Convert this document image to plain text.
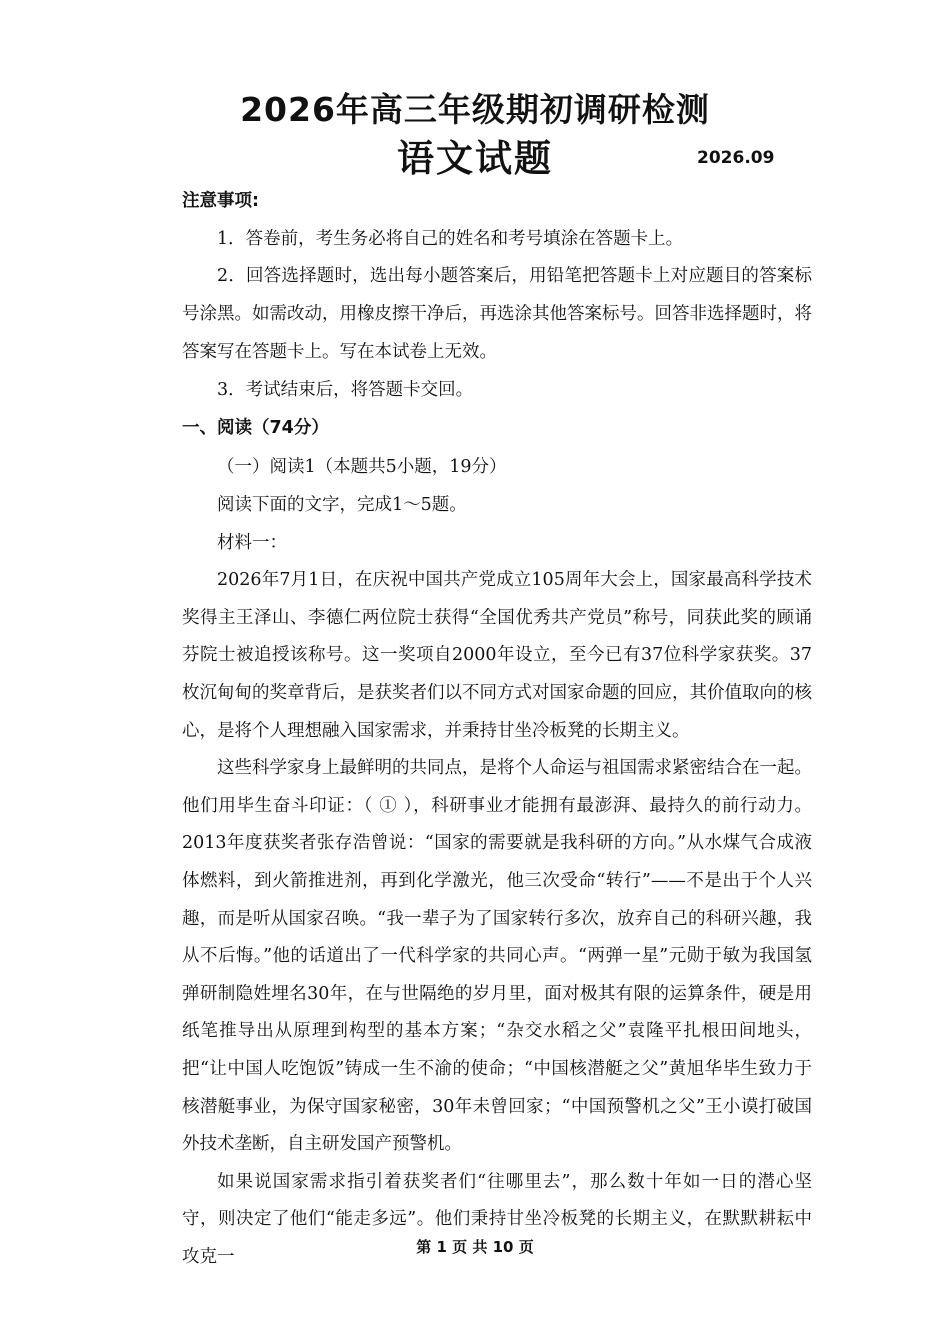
2026年高三年级期初调研检测
语文试题	2026.09

注意事项:

1．答卷前，考生务必将自己的姓名和考号填涂在答题卡上。

2．回答选择题时，选出每小题答案后，用铅笔把答题卡上对应题目的答案标号涂黑。如需改动，用橡皮擦干净后，再选涂其他答案标号。回答非选择题时，将答案写在答题卡上。写在本试卷上无效。

3．考试结束后，将答题卡交回。

一、阅读（74分）

（一）阅读1（本题共5小题，19分）

阅读下面的文字，完成1～5题。

材料一：

2026年7月1日，在庆祝中国共产党成立105周年大会上，国家最高科学技术奖得主王泽山、李德仁两位院士获得“全国优秀共产党员”称号，同获此奖的顾诵芬院士被追授该称号。这一奖项自2000年设立，至今已有37位科学家获奖。37枚沉甸甸的奖章背后，是获奖者们以不同方式对国家命题的回应，其价值取向的核心，是将个人理想融入国家需求，并秉持甘坐冷板凳的长期主义。

这些科学家身上最鲜明的共同点，是将个人命运与祖国需求紧密结合在一起。他们用毕生奋斗印证：（ ① ），科研事业才能拥有最澎湃、最持久的前行动力。2013年度获奖者张存浩曾说：“国家的需要就是我科研的方向。”从水煤气合成液体燃料，到火箭推进剂，再到化学激光，他三次受命“转行”——不是出于个人兴趣，而是听从国家召唤。“我一辈子为了国家转行多次，放弃自己的科研兴趣，我从不后悔。”他的话道出了一代科学家的共同心声。“两弹一星”元勋于敏为我国氢弹研制隐姓埋名30年，在与世隔绝的岁月里，面对极其有限的运算条件，硬是用纸笔推导出从原理到构型的基本方案；“杂交水稻之父”袁隆平扎根田间地头，把“让中国人吃饱饭”铸成一生不渝的使命；“中国核潜艇之父”黄旭华毕生致力于核潜艇事业，为保守国家秘密，30年未曾回家；“中国预警机之父”王小谟打破国外技术垄断，自主研发国产预警机。

如果说国家需求指引着获奖者们“往哪里去”，那么数十年如一日的潜心坚守，则决定了他们“能走多远”。他们秉持甘坐冷板凳的长期主义，在默默耕耘中攻克一	第 1 页 共 10 页
